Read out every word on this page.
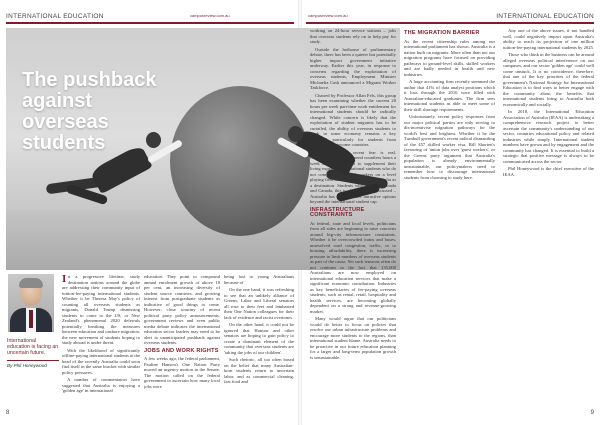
INTERNATIONAL EDUCATION	campusreview.com.au	campusreview.com.au	INTERNATIONAL EDUCATION
The pushback against overseas students
International education is facing an uncertain future.
By Phil Honeywood

In a progressive lifetime, study destination nations around the globe are addressing their community input of tuition-fee-paying international students. Whether it be Theresa May's policy of counting all overseas students as migrants, Donald Trump dismissing students to come to the US, or New Zealand's phenomenal 2020 deferrals potentially breaking the measures between education and onshore migration, the new movement of students hoping to study abroad is under threat.

With the likelihood of significantly offline-paying international students at the head of the recently Australia could soon find itself in the same bracket with similar policy pressures.

A number of commentators have suggested that Australia is enjoying a 'golden age' in international

education. They point to compound annual enrolment growth of above 10 per cent, an increasing diversity of student source countries, and growing interest from postgraduate students as indicative of good things to come. However, close scrutiny of recent political party policy announcements, government reviews and even public media debate indicates the international education sector leaders may need to be alert to unanticipated pushback against overseas students.

JOBS AND WORK RIGHTS

A few weeks ago, the federal parliament, Pauline Hanson's One Nation Party moved an urgency motion in the Senate. The motion called on the federal government to ascertain how many local jobs were

being lost to young Australians because of

On the one hand, it was refreshing to see that an unlikely alliance of Greens, Labor and Liberal senators all rose to their feet and lambasted their One Nation colleagues for their lack of evidence and racist overtones.

On the other hand, it could not be ignored that Hanson and other senators are hoping to gain policy to create a dominant element of the community that overseas students are 'taking the jobs of our children'.

Such rhetoric, all too often based on the belief that many Australian-born students return to uncertain labor, and as commercial cleaning, fast food and

working on 24-hour service stations – jobs that overseas students rely on to help pay for study.

Outside the hothouse of parliamentary debate, there has been a quieter but potentially higher impact government initiative underway. Earlier this year, in response to concerns regarding the exploitation of overseas students, Employment Minister Michaelia Cash announced a Migrant Worker Taskforce.

Chaired by Professor Allan Fels, this group has been examining whether the current 20 hours per week part-time work entitlement for international students should be radically changed. While concern is likely that the exploitation of student migrants has to be curtailed, the ability of overseas students to work in some economy remains a key drawcard, particularly for students from relatively low-income countries.

Anecdotally, the recent fear is real. Overseas students can spend countless hours a week in part-time jobs to supplement their living expenses. International students who do not compete with local workers on a level playing field risk losing interest in Australia as a destination. Students who come to Canada and Canada, this is already being discussed – Australia has a lot of other attractive options beyond the international student cap.

INFRASTRUCTURE CONSTRAINTS

At federal, state and local levels, politicians from all sides are beginning to raise concerns around big-city infrastructure constraints. Whether it be overcrowded trains and buses, unresolved road congestion, traffic, or to housing affordability, there is increasing pressure to limit numbers of overseas students as part of the cause. Yet such tensions often do not conform to the fact that 135,000 Australians are now employed on international education services that make a significant economic contribution. Industries as key beneficiaries of fee-paying overseas students, such as rental, retail, hospitality and health services, are becoming globally dependent on a strong and revenue-growing market.

Many would argue that our politicians would do better to focus on policies that resolve our urban infrastructure problems and encourage more students to the regions, than international student blame. Australia needs to be proactive in our future education planning for a larger and long-term population growth is unsustainable.

THE MIGRATION BARRIER

As the recent citizenship rules among our international parliament has shown, Australia is a nation built on migrants. More often than not our migration programs have focused on providing pathways to ground-level skills, skilled workers and are badly needed in health and new industries.

A large accounting firm recently stemmed the author that 41% of data analyst positions which it lists through the 2016 were filled with Australian-educated graduates. The firm sees international students as able to meet some of their skill shortage requirements.

Unfortunately, recent policy responses from our major political parties are only serving to dis-incentivise migration pathways for the world's best and brightest. Whether it be the Turnbull government's recent radical dismantling of the 457 skilled worker visa, Bill Shorten's favouring of 'union jobs over 'guest workers', or the Greens party argument that Australia's population is already environmentally unsustainable, our policymakers need to remember how to discourage international students from choosing to study here.

Any one of the above issues, if not handled well, could negatively impact upon Australia's ability to reach its projection of one million tuition-fee-paying international students by 2025.

Those who think in the business can be around alleged overseas political interference on our campuses, and our sector 'golden age' could well come unstuck. It is no coincidence, therefore, that one of the key priorities of the federal government's National Strategy for International Education is to find ways to better engage with the community about the benefits that international students bring to Australia both economically and socially.

In 2018, the International Education Association of Australia (IEAA) is undertaking a comprehensive research project to better ascertain the community's understanding of our sector, countries educational policy and related industries while simply. International student numbers have grown and by engagement and the community has changed. It is essential to build a strategic that positive message is always to be communicated across the sector.

Phil Honeywood is the chief executive of the IEAA.

8	9
